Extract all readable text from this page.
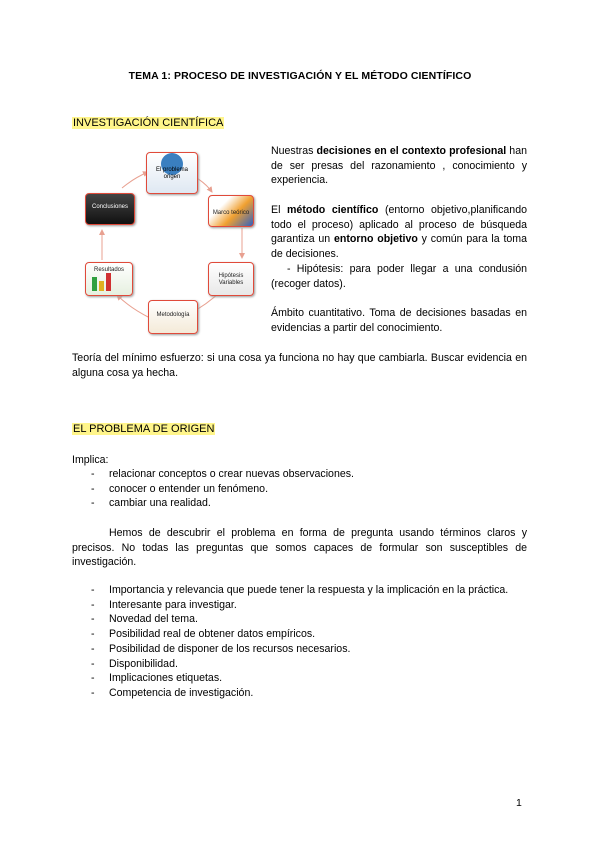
TEMA 1: PROCESO DE INVESTIGACIÓN Y EL MÉTODO CIENTÍFICO
INVESTIGACIÓN CIENTÍFICA
El problema origen
Conclusiones
Marco teórico
Resultados
Hipótesis Variables
Metodología
Nuestras decisiones en el contexto profesional han de ser presas del razonamiento , conocimiento y experiencia.
El método científico (entorno objetivo,planificando todo el proceso) aplicado al proceso de búsqueda garantiza un entorno objetivo y común para la toma de decisiones.
- Hipótesis: para poder llegar a una condusión (recoger datos).
Ámbito cuantitativo. Toma de decisiones basadas en evidencias a partir del conocimiento.
Teoría del mínimo esfuerzo: si una cosa ya funciona no hay que cambiarla. Buscar evidencia en alguna cosa ya hecha.
EL PROBLEMA DE ORIGEN
Implica:
- relacionar conceptos o crear nuevas observaciones.
- conocer o entender un fenómeno.
- cambiar una realidad.
Hemos de descubrir el problema en forma de pregunta usando términos claros y precisos. No todas las preguntas que somos capaces de formular son susceptibles de investigación.
- Importancia y relevancia que puede tener la respuesta y la implicación en la práctica.
- Interesante para investigar.
- Novedad del tema.
- Posibilidad real de obtener datos empíricos.
- Posibilidad de disponer de los recursos necesarios.
- Disponibilidad.
- Implicaciones etiquetas.
- Competencia de investigación.
1
